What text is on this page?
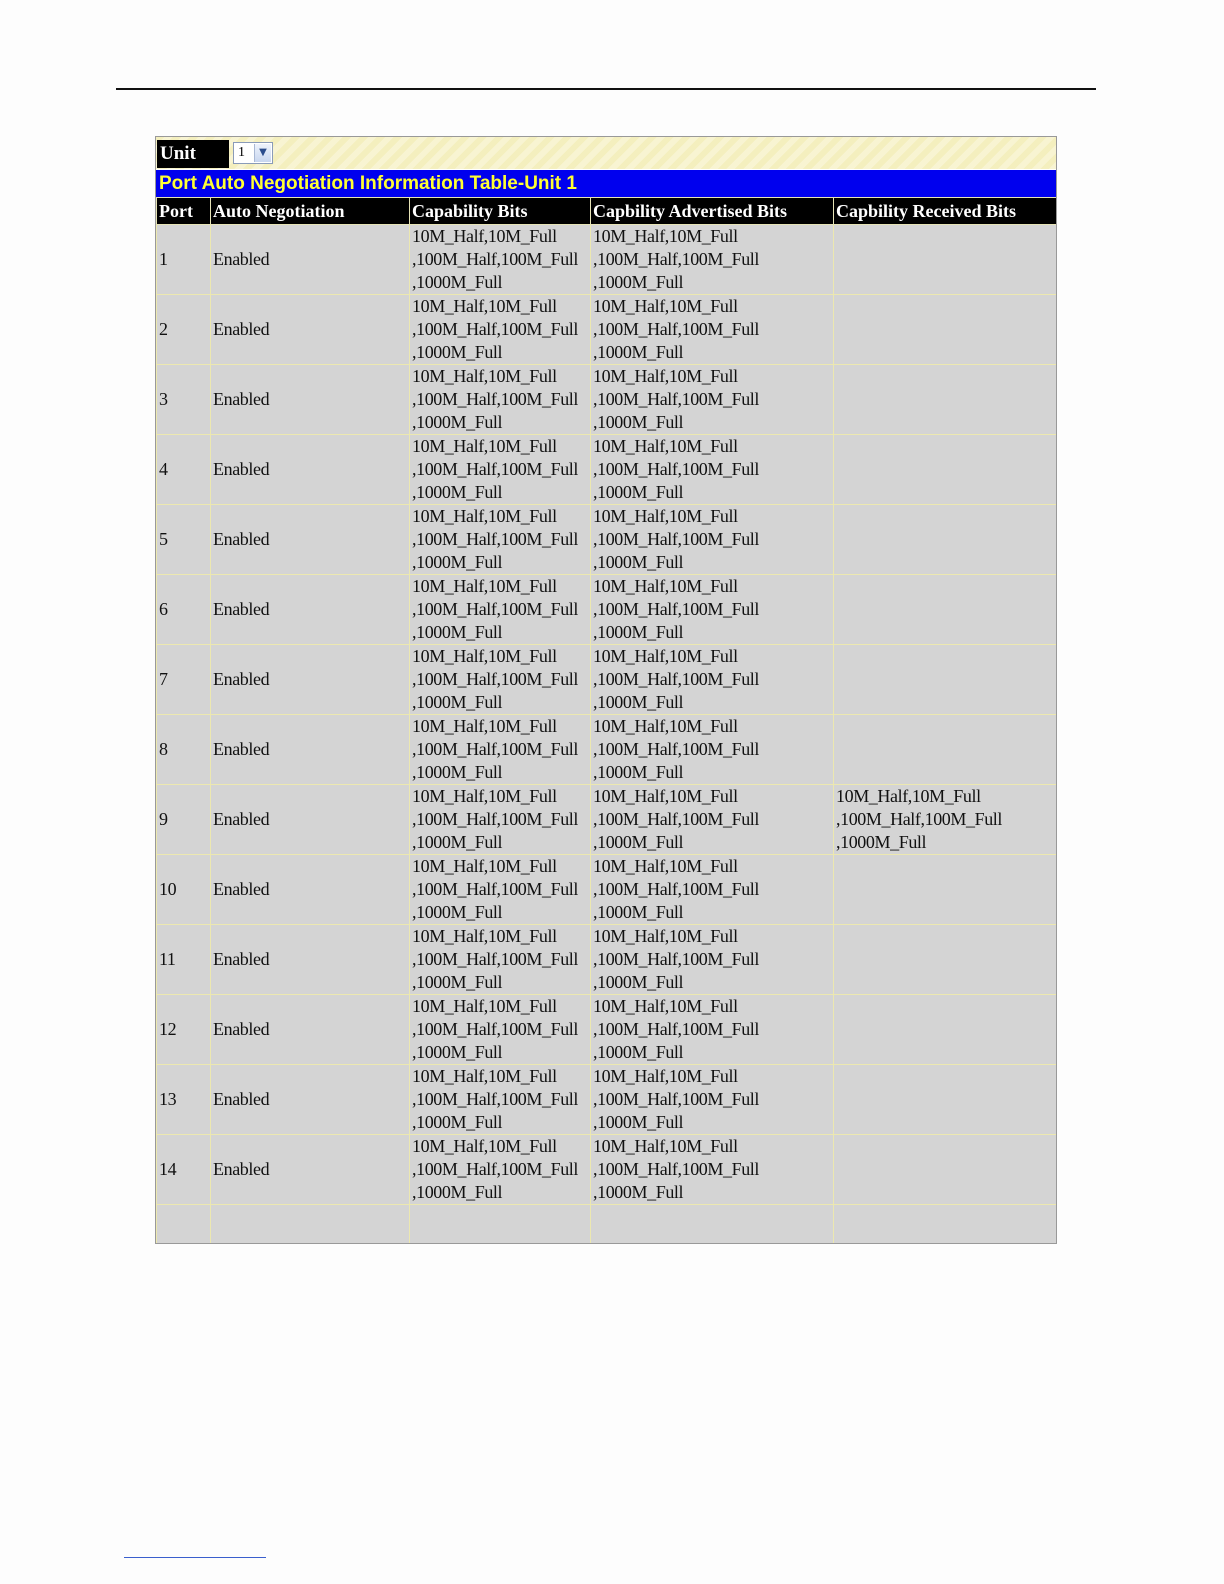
Unit	1	▼
Port Auto Negotiation Information Table-Unit 1
Port	Auto Negotiation	Capability Bits	Capbility Advertised Bits	Capbility Received Bits
1	Enabled	10M_Half,10M_Full
,100M_Half,100M_Full
,1000M_Full	10M_Half,10M_Full
,100M_Half,100M_Full
,1000M_Full	

2	Enabled	10M_Half,10M_Full
,100M_Half,100M_Full
,1000M_Full	10M_Half,10M_Full
,100M_Half,100M_Full
,1000M_Full	

3	Enabled	10M_Half,10M_Full
,100M_Half,100M_Full
,1000M_Full	10M_Half,10M_Full
,100M_Half,100M_Full
,1000M_Full	

4	Enabled	10M_Half,10M_Full
,100M_Half,100M_Full
,1000M_Full	10M_Half,10M_Full
,100M_Half,100M_Full
,1000M_Full	

5	Enabled	10M_Half,10M_Full
,100M_Half,100M_Full
,1000M_Full	10M_Half,10M_Full
,100M_Half,100M_Full
,1000M_Full	

6	Enabled	10M_Half,10M_Full
,100M_Half,100M_Full
,1000M_Full	10M_Half,10M_Full
,100M_Half,100M_Full
,1000M_Full	

7	Enabled	10M_Half,10M_Full
,100M_Half,100M_Full
,1000M_Full	10M_Half,10M_Full
,100M_Half,100M_Full
,1000M_Full	

8	Enabled	10M_Half,10M_Full
,100M_Half,100M_Full
,1000M_Full	10M_Half,10M_Full
,100M_Half,100M_Full
,1000M_Full	

9	Enabled	10M_Half,10M_Full
,100M_Half,100M_Full
,1000M_Full	10M_Half,10M_Full
,100M_Half,100M_Full
,1000M_Full	10M_Half,10M_Full
,100M_Half,100M_Full
,1000M_Full

10	Enabled	10M_Half,10M_Full
,100M_Half,100M_Full
,1000M_Full	10M_Half,10M_Full
,100M_Half,100M_Full
,1000M_Full	

11	Enabled	10M_Half,10M_Full
,100M_Half,100M_Full
,1000M_Full	10M_Half,10M_Full
,100M_Half,100M_Full
,1000M_Full	

12	Enabled	10M_Half,10M_Full
,100M_Half,100M_Full
,1000M_Full	10M_Half,10M_Full
,100M_Half,100M_Full
,1000M_Full	

13	Enabled	10M_Half,10M_Full
,100M_Half,100M_Full
,1000M_Full	10M_Half,10M_Full
,100M_Half,100M_Full
,1000M_Full	

14	Enabled	10M_Half,10M_Full
,100M_Half,100M_Full
,1000M_Full	10M_Half,10M_Full
,100M_Half,100M_Full
,1000M_Full	
